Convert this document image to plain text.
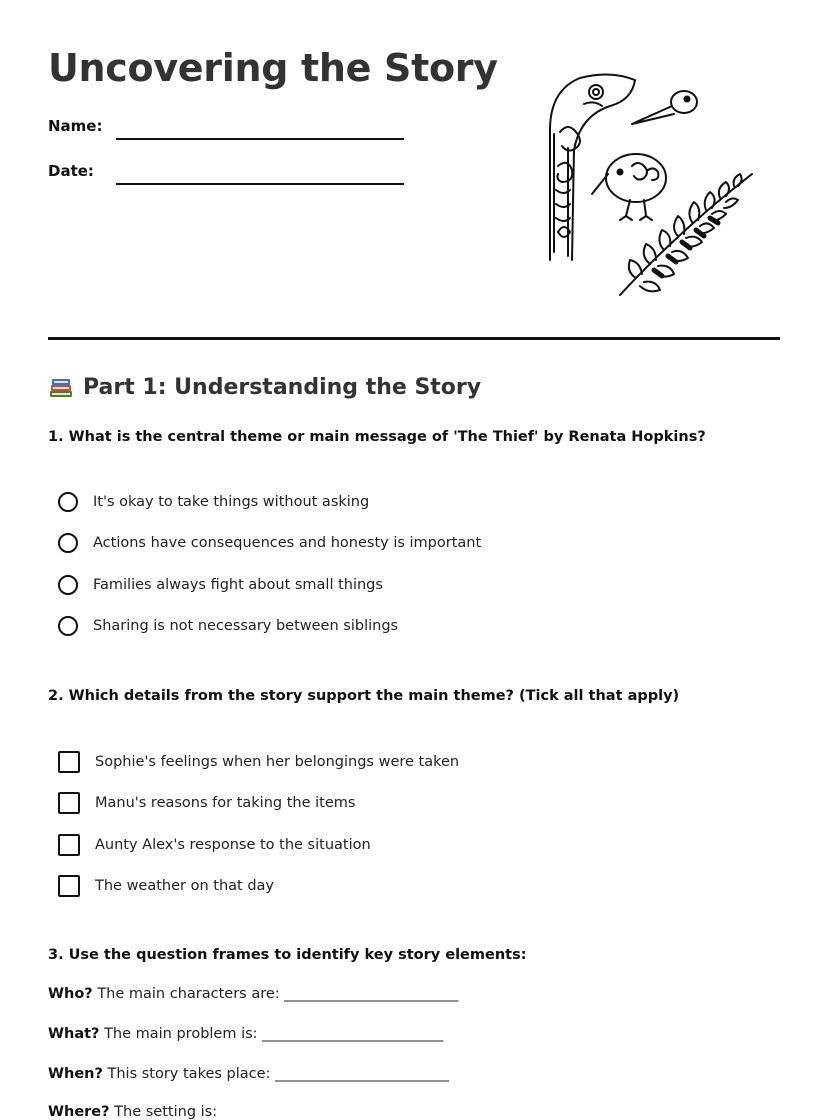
Uncovering the Story
Name:
Date:
Part 1: Understanding the Story
1. What is the central theme or main message of 'The Thief' by Renata Hopkins?
It's okay to take things without asking
Actions have consequences and honesty is important
Families always fight about small things
Sharing is not necessary between siblings
2. Which details from the story support the main theme? (Tick all that apply)
Sophie's feelings when her belongings were taken
Manu's reasons for taking the items
Aunty Alex's response to the situation
The weather on that day
3. Use the question frames to identify key story elements:
Who? The main characters are: ________________________
What? The main problem is: _________________________
When? This story takes place: ________________________
Where? The setting is:
